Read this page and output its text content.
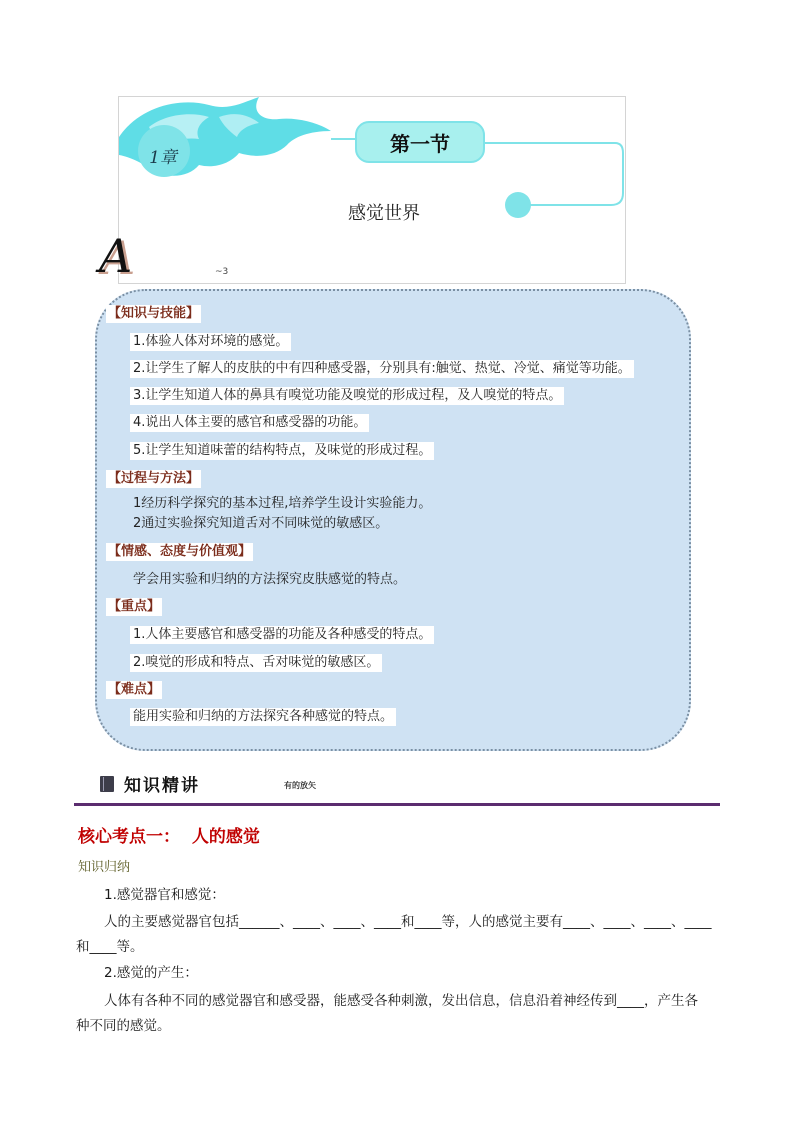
1章
第一节
感觉世界
A	~3
【知识与技能】
1.体验人体对环境的感觉。
2.让学生了解人的皮肤的中有四种感受器，分别具有:触觉、热觉、冷觉、痛觉等功能。
3.让学生知道人体的鼻具有嗅觉功能及嗅觉的形成过程，及人嗅觉的特点。
4.说出人体主要的感官和感受器的功能。
5.让学生知道味蕾的结构特点，及味觉的形成过程。
【过程与方法】
1经历科学探究的基本过程,培养学生设计实验能力。
2通过实验探究知道舌对不同味觉的敏感区。
【情感、态度与价值观】
学会用实验和归纳的方法探究皮肤感觉的特点。
【重点】
1.人体主要感官和感受器的功能及各种感受的特点。
2.嗅觉的形成和特点、舌对味觉的敏感区。
【难点】
能用实验和归纳的方法探究各种感觉的特点。
知识精讲	有的放矢
核心考点一：  人的感觉
知识归纳
1.感觉器官和感觉：
人的主要感觉器官包括______、____、____、____和____等，人的感觉主要有____、____、____、____
和____等。
2.感觉的产生：
人体有各种不同的感觉器官和感受器，能感受各种刺激，发出信息，信息沿着神经传到____，产生各
种不同的感觉。
